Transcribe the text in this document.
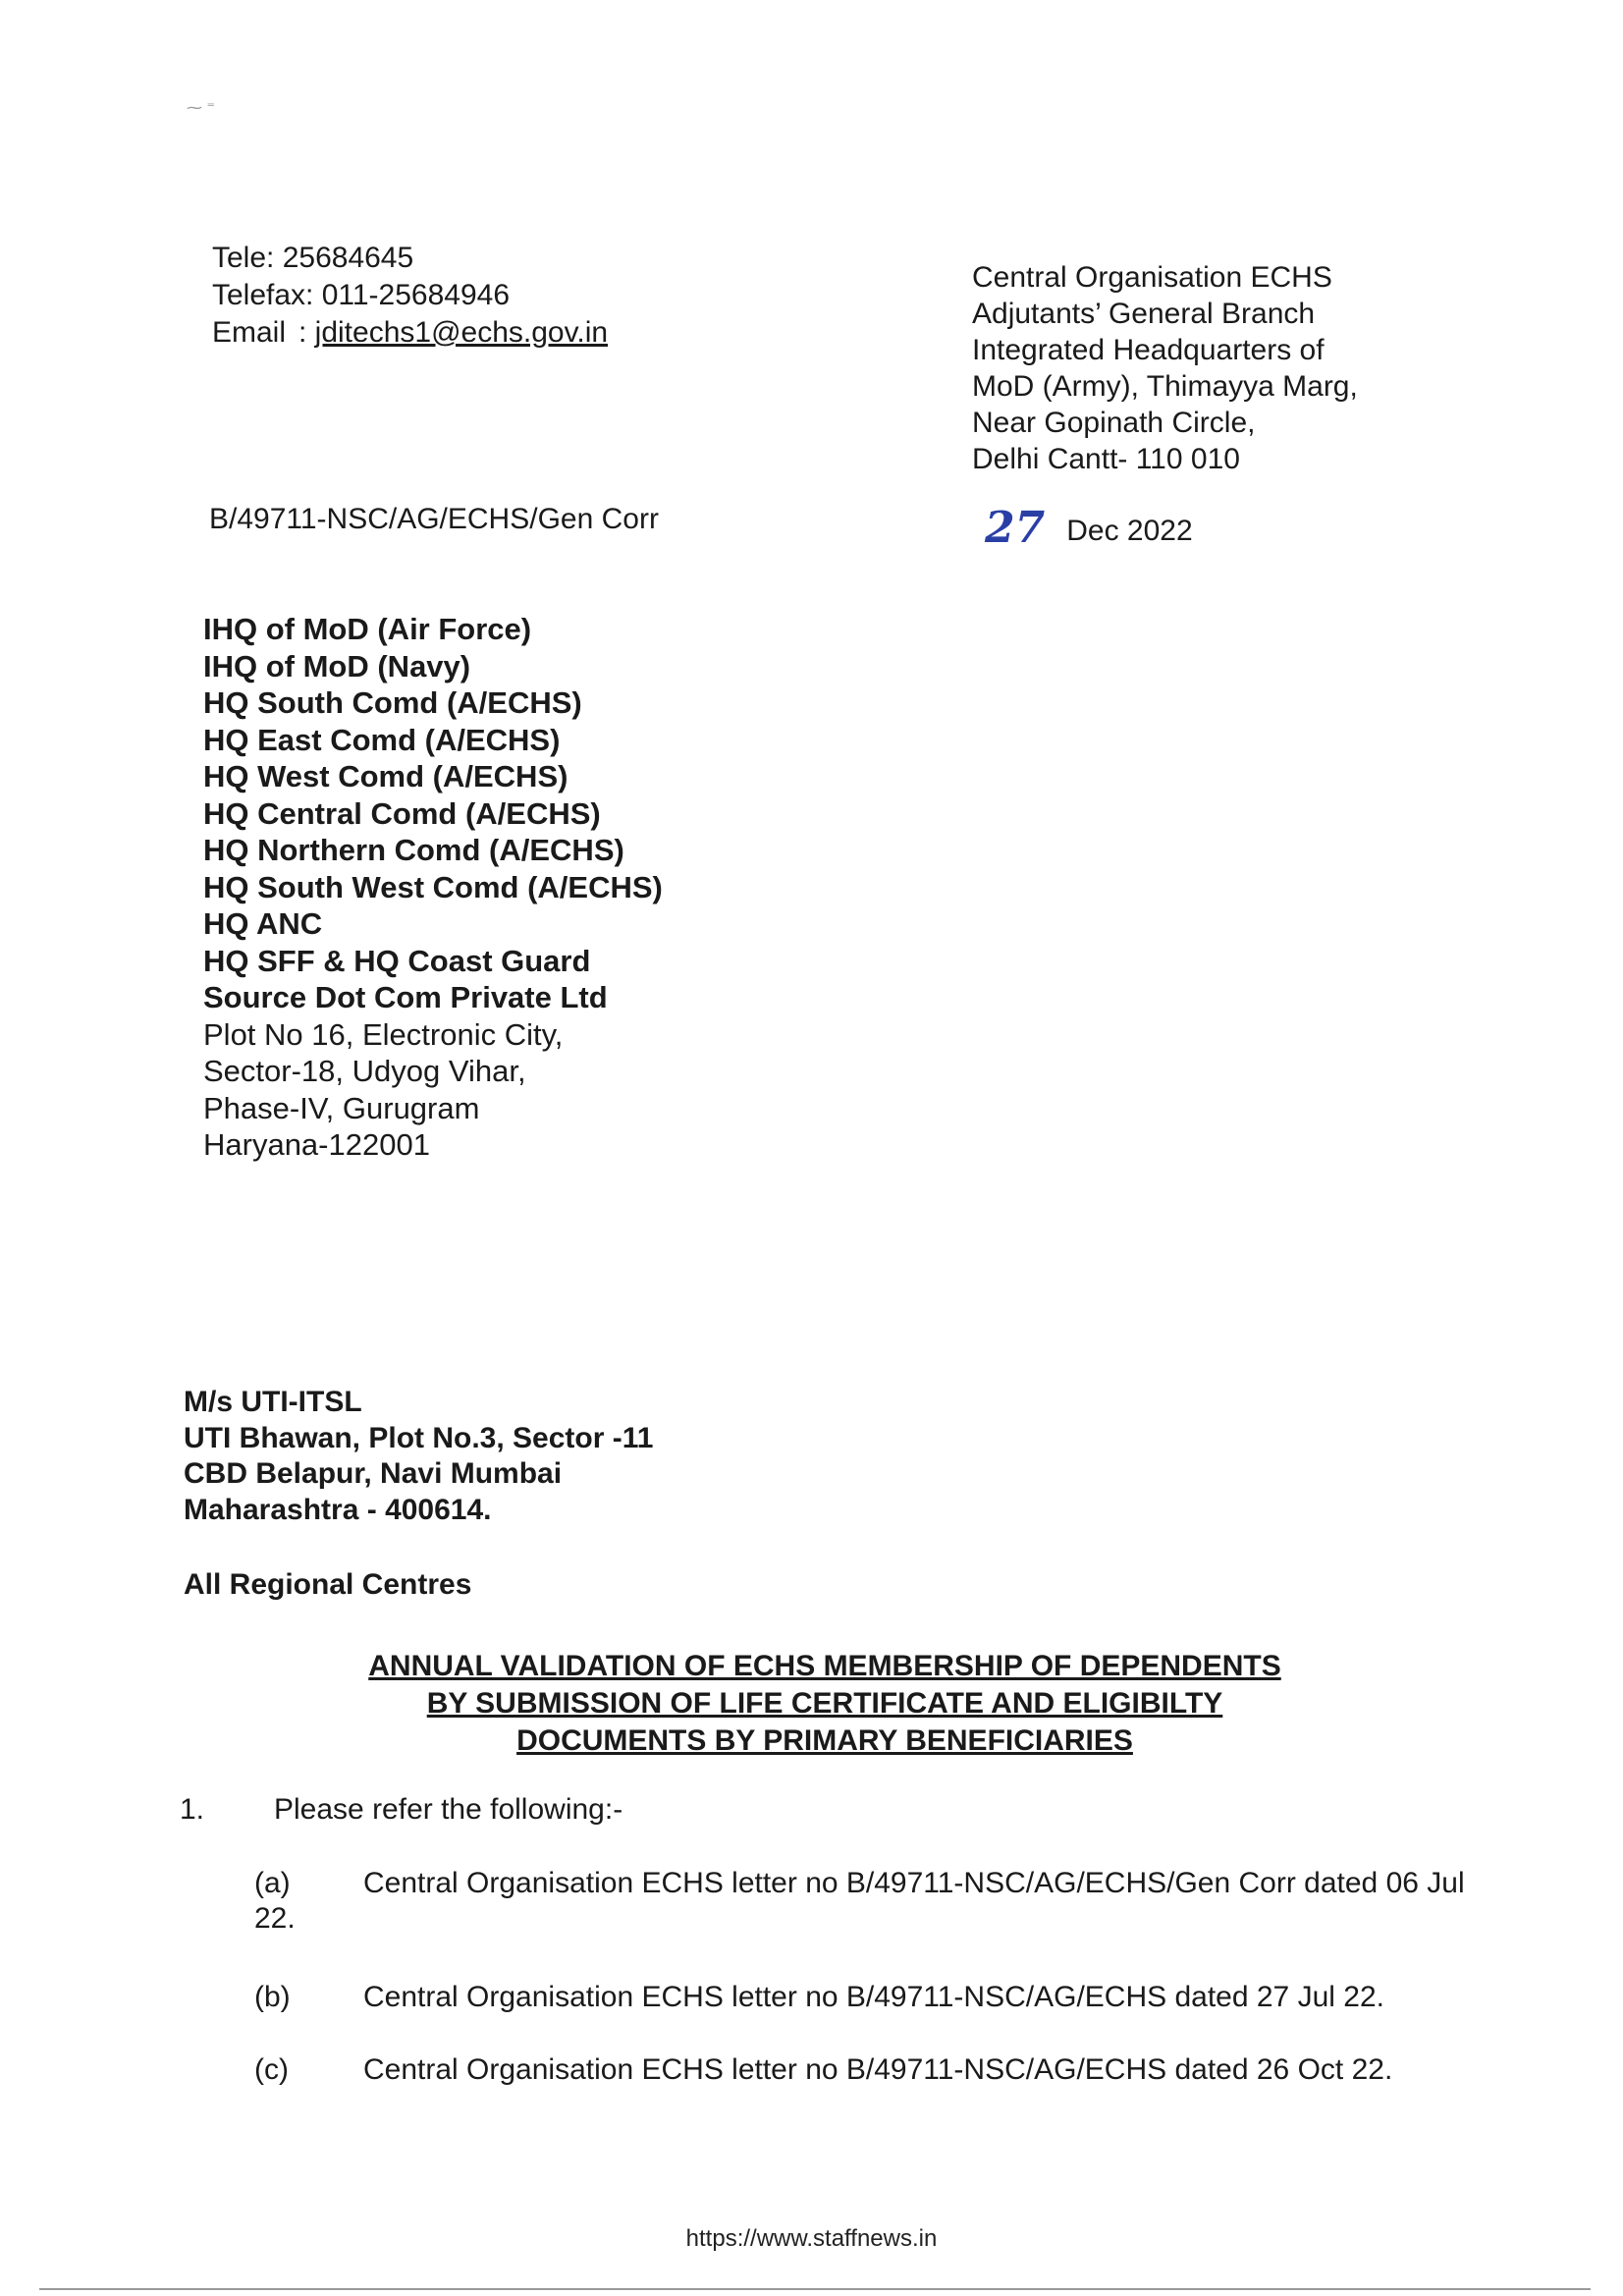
⁓ ⁼
Tele: 25684645
Telefax: 011-25684946
Email : jditechs1@echs.gov.in
Central Organisation ECHS
Adjutants’ General Branch
Integrated Headquarters of
MoD (Army), Thimayya Marg,
Near Gopinath Circle,
Delhi Cantt- 110 010
B/49711-NSC/AG/ECHS/Gen Corr	27 Dec 2022
IHQ of MoD (Air Force)
IHQ of MoD (Navy)
HQ South Comd (A/ECHS)
HQ East Comd (A/ECHS)
HQ West Comd (A/ECHS)
HQ Central Comd (A/ECHS)
HQ Northern Comd (A/ECHS)
HQ South West Comd (A/ECHS)
HQ ANC
HQ SFF & HQ Coast Guard
Source Dot Com Private Ltd
Plot No 16, Electronic City,
Sector-18, Udyog Vihar,
Phase-IV, Gurugram
Haryana-122001
M/s UTI-ITSL
UTI Bhawan, Plot No.3, Sector -11
CBD Belapur, Navi Mumbai
Maharashtra - 400614.
All Regional Centres
ANNUAL VALIDATION OF ECHS MEMBERSHIP OF DEPENDENTS
BY SUBMISSION OF LIFE CERTIFICATE AND ELIGIBILTY
DOCUMENTS BY PRIMARY BENEFICIARIES
1. Please refer the following:-
(a) Central Organisation ECHS letter no B/49711-NSC/AG/ECHS/Gen Corr dated 06 Jul 22.
(b) Central Organisation ECHS letter no B/49711-NSC/AG/ECHS dated 27 Jul 22.
(c)	Central Organisation ECHS letter no B/49711-NSC/AG/ECHS dated 26 Oct 22.
https://www.staffnews.in
